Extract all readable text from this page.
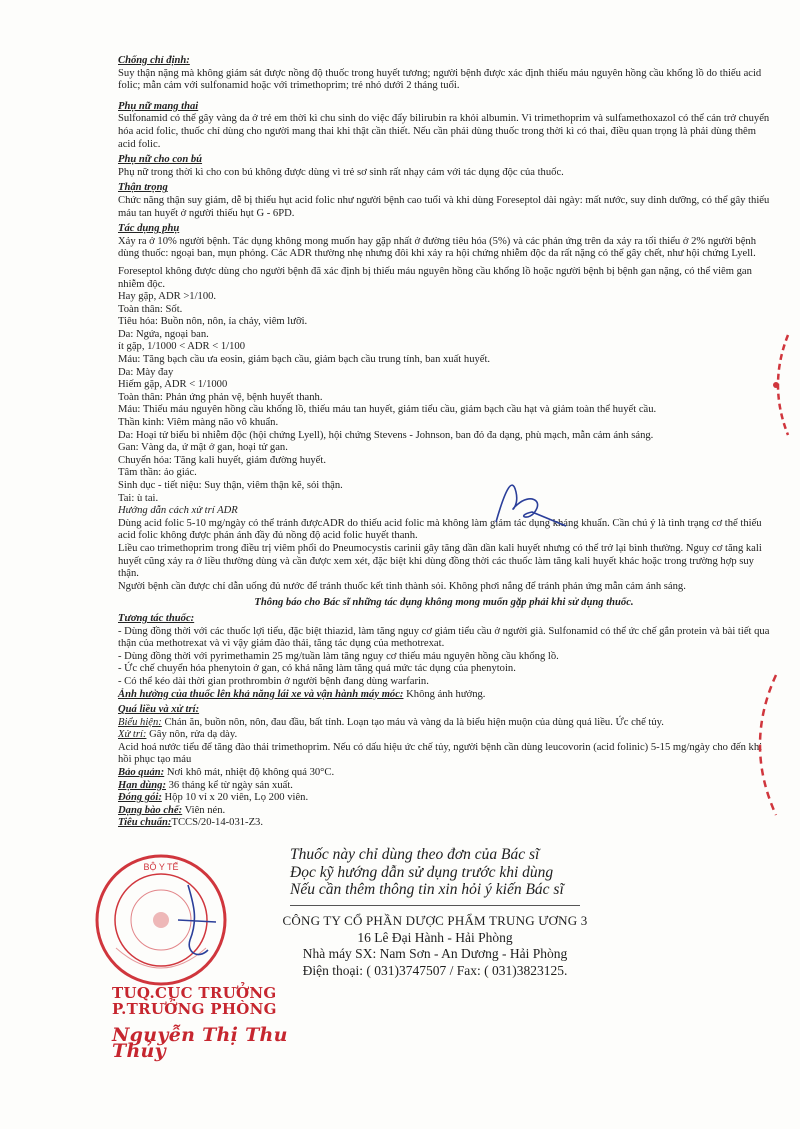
Chống chỉ định:

Suy thận nặng mà không giám sát được nồng độ thuốc trong huyết tương; người bệnh được xác định thiếu máu nguyên hồng cầu khổng lồ do thiếu acid folic; mẫn cảm với sulfonamid hoặc với trimethoprim; trẻ nhỏ dưới 2 tháng tuổi.

Phụ nữ mang thai

Sulfonamid có thể gây vàng da ở trẻ em thời kì chu sinh do việc đẩy bilirubin ra khỏi albumin. Vì trimethoprim và sulfamethoxazol có thể cản trở chuyển hóa acid folic, thuốc chỉ dùng cho người mang thai khi thật cần thiết. Nếu cần phải dùng thuốc trong thời kì có thai, điều quan trọng là phải dùng thêm acid folic.

Phụ nữ cho con bú

Phụ nữ trong thời kì cho con bú không được dùng vì trẻ sơ sinh rất nhạy cảm với tác dụng độc của thuốc.

Thận trọng

Chức năng thận suy giảm, dễ bị thiếu hụt acid folic như người bệnh cao tuổi và khi dùng Foreseptol dài ngày: mất nước, suy dinh dưỡng, có thể gây thiếu máu tan huyết ở người thiếu hụt G - 6PD.

Tác dụng phụ

Xảy ra ở 10% người bệnh. Tác dụng không mong muốn hay gặp nhất ở đường tiêu hóa (5%) và các phản ứng trên da xảy ra tối thiểu ở 2% người bệnh dùng thuốc: ngoại ban, mụn phỏng. Các ADR thường nhẹ nhưng đôi khi xảy ra hội chứng nhiễm độc da rất nặng có thể gây chết, như hội chứng Lyell.

Foreseptol không được dùng cho người bệnh đã xác định bị thiếu máu nguyên hồng cầu khổng lồ hoặc người bệnh bị bệnh gan nặng, có thể viêm gan nhiễm độc.

Hay gặp, ADR >1/100.

Toàn thân: Sốt.

Tiêu hóa: Buồn nôn, nôn, ỉa chảy, viêm lưỡi.

Da: Ngứa, ngoại ban.

ít gặp, 1/1000 < ADR < 1/100

Máu: Tăng bạch cầu ưa eosin, giảm bạch cầu, giảm bạch cầu trung tính, ban xuất huyết.

Da: Mày đay

Hiếm gặp, ADR < 1/1000

Toàn thân: Phản ứng phản vệ, bệnh huyết thanh.

Máu: Thiếu máu nguyên hồng cầu khổng lồ, thiếu máu tan huyết, giảm tiểu cầu, giảm bạch cầu hạt và giảm toàn thể huyết cầu.

Thần kinh: Viêm màng não vô khuẩn.

Da: Hoại tử biểu bì nhiễm độc (hội chứng Lyell), hội chứng Stevens - Johnson, ban đỏ đa dạng, phù mạch, mẫn cảm ánh sáng.

Gan: Vàng da, ứ mật ở gan, hoại tử gan.

Chuyển hóa: Tăng kali huyết, giảm đường huyết.

Tâm thần: ảo giác.

Sinh dục - tiết niệu: Suy thận, viêm thận kẽ, sỏi thận.

Tai: ù tai.

Hướng dẫn cách xử trí ADR

Dùng acid folic 5-10 mg/ngày có thể tránh đượcADR do thiếu acid folic mà không làm giảm tác dụng kháng khuẩn. Cần chú ý là tình trạng cơ thể thiếu acid folic không được phản ánh đầy đủ nồng độ acid folic huyết thanh.

Liều cao trimethoprim trong điều trị viêm phổi do Pneumocystis carinii gây tăng dần dần kali huyết nhưng có thể trở lại bình thường. Nguy cơ tăng kali huyết cũng xảy ra ở liều thường dùng và cần được xem xét, đặc biệt khi dùng đồng thời các thuốc làm tăng kali huyết khác hoặc trong trường hợp suy thận.

Người bệnh cần được chỉ dẫn uống đủ nước để tránh thuốc kết tinh thành sỏi. Không phơi nắng để tránh phản ứng mẫn cảm ánh sáng.

Thông báo cho Bác sĩ những tác dụng không mong muốn gặp phải khi sử dụng thuốc.
Tương tác thuốc:

- Dùng đồng thời với các thuốc lợi tiểu, đặc biệt thiazid, làm tăng nguy cơ giảm tiểu cầu ở người già. Sulfonamid có thể ức chế gắn protein và bài tiết qua thận của methotrexat và vì vậy giảm đào thải, tăng tác dụng của methotrexat.

- Dùng đồng thời với pyrimethamin 25 mg/tuần làm tăng nguy cơ thiếu máu nguyên hồng cầu khổng lồ.

- Ức chế chuyển hóa phenytoin ở gan, có khả năng làm tăng quá mức tác dụng của phenytoin.

- Có thể kéo dài thời gian prothrombin ở người bệnh đang dùng warfarin.

Ảnh hưởng của thuốc lên khả năng lái xe và vận hành máy móc: Không ảnh hưởng.

Quá liều và xử trí:

Biểu hiện: Chán ăn, buồn nôn, nôn, đau đầu, bất tỉnh. Loạn tạo máu và vàng da là biểu hiện muộn của dùng quá liều. Ức chế tủy.

Xử trí: Gây nôn, rửa dạ dày.

Acid hoá nước tiểu để tăng đào thải trimethoprim. Nếu có dấu hiệu ức chế tủy, người bệnh cần dùng leucovorin (acid folinic) 5-15 mg/ngày cho đến khi hồi phục tạo máu

Bảo quản: Nơi khô mát, nhiệt độ không quá 30°C.

Hạn dùng: 36 tháng kể từ ngày sản xuất.

Đóng gói: Hộp 10 vỉ x 20 viên, Lọ 200 viên.

Dạng bào chế: Viên nén.

Tiêu chuẩn:TCCS/20-14-031-Z3.

Thuốc này chỉ dùng theo đơn của Bác sĩ
Đọc kỹ hướng dẫn sử dụng trước khi dùng
Nếu cần thêm thông tin xin hỏi ý kiến Bác sĩ
CÔNG TY CỔ PHẦN DƯỢC PHẨM TRUNG ƯƠNG 3
16 Lê Đại Hành - Hải Phòng
Nhà máy SX: Nam Sơn - An Dương - Hải Phòng
Điện thoại: ( 031)3747507 / Fax: ( 031)3823125.
BỘ Y TẾ
TUQ.CỤC TRƯỞNG
P.TRƯỞNG PHÒNG
Nguyễn Thị Thu Thủy
